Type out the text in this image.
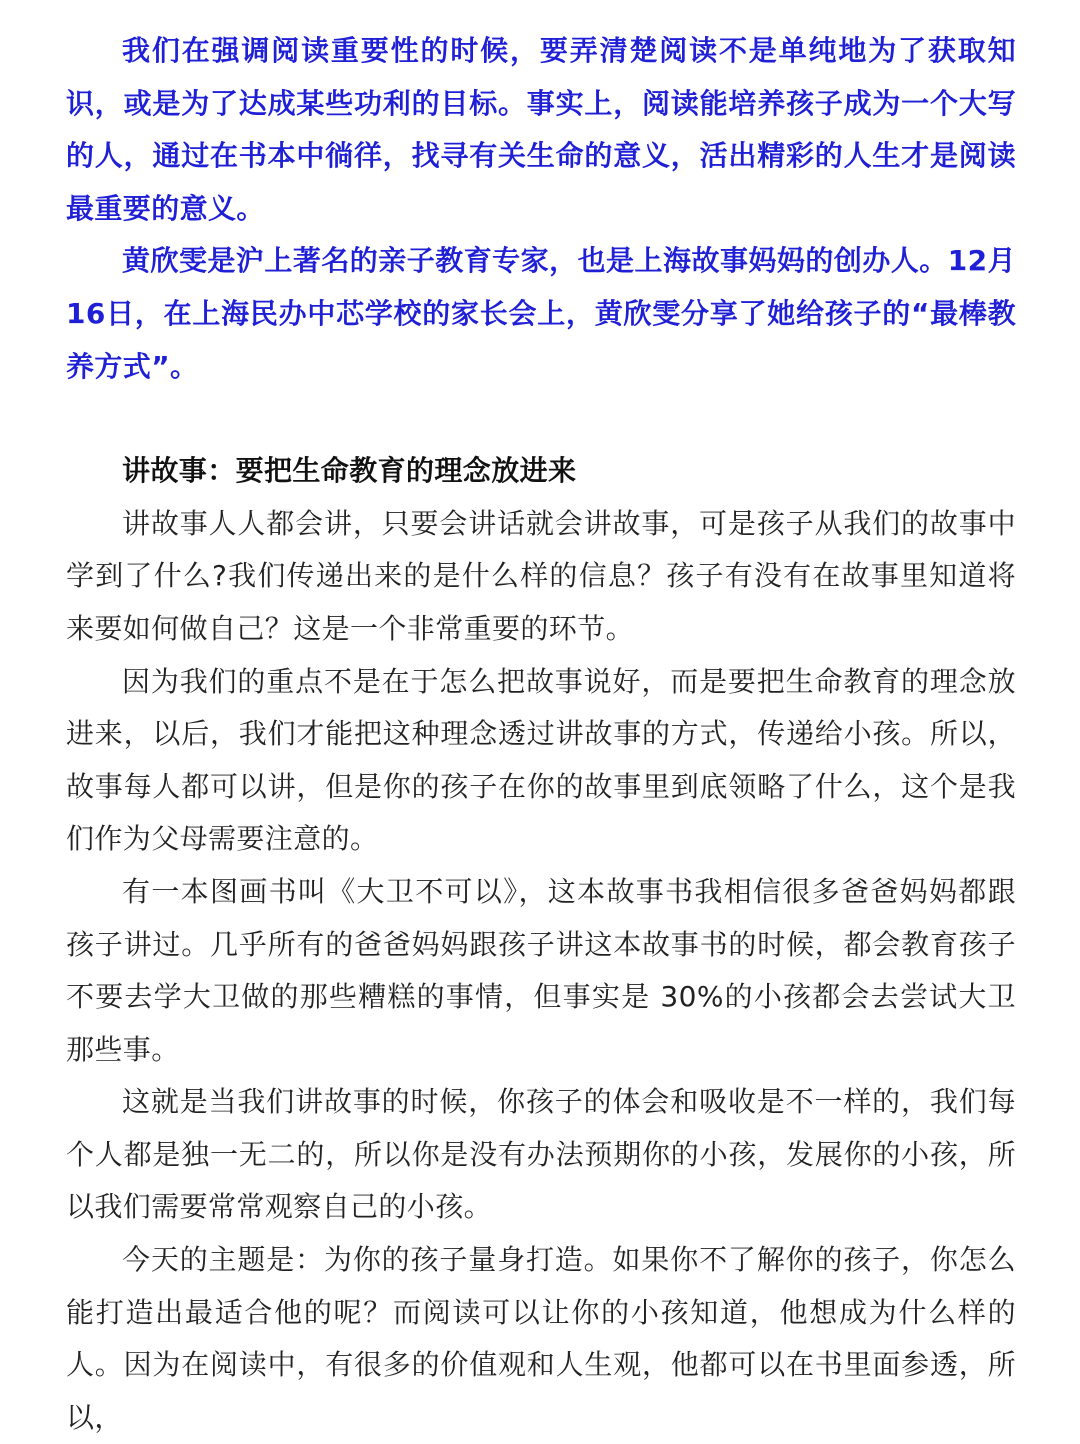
我们在强调阅读重要性的时候，要弄清楚阅读不是单纯地为了获取知识，或是为了达成某些功利的目标。事实上，阅读能培养孩子成为一个大写的人，通过在书本中徜徉，找寻有关生命的意义，活出精彩的人生才是阅读最重要的意义。

黄欣雯是沪上著名的亲子教育专家，也是上海故事妈妈的创办人。12月16日，在上海民办中芯学校的家长会上，黄欣雯分享了她给孩子的“最棒教养方式”。

讲故事：要把生命教育的理念放进来

讲故事人人都会讲，只要会讲话就会讲故事，可是孩子从我们的故事中学到了什么?我们传递出来的是什么样的信息？孩子有没有在故事里知道将来要如何做自己？这是一个非常重要的环节。

因为我们的重点不是在于怎么把故事说好，而是要把生命教育的理念放进来，以后，我们才能把这种理念透过讲故事的方式，传递给小孩。所以，故事每人都可以讲，但是你的孩子在你的故事里到底领略了什么，这个是我们作为父母需要注意的。

有一本图画书叫《大卫不可以》，这本故事书我相信很多爸爸妈妈都跟孩子讲过。几乎所有的爸爸妈妈跟孩子讲这本故事书的时候，都会教育孩子不要去学大卫做的那些糟糕的事情，但事实是 30%的小孩都会去尝试大卫那些事。

这就是当我们讲故事的时候，你孩子的体会和吸收是不一样的，我们每个人都是独一无二的，所以你是没有办法预期你的小孩，发展你的小孩，所以我们需要常常观察自己的小孩。

今天的主题是：为你的孩子量身打造。如果你不了解你的孩子，你怎么能打造出最适合他的呢？而阅读可以让你的小孩知道，他想成为什么样的人。因为在阅读中，有很多的价值观和人生观，他都可以在书里面参透，所以，
